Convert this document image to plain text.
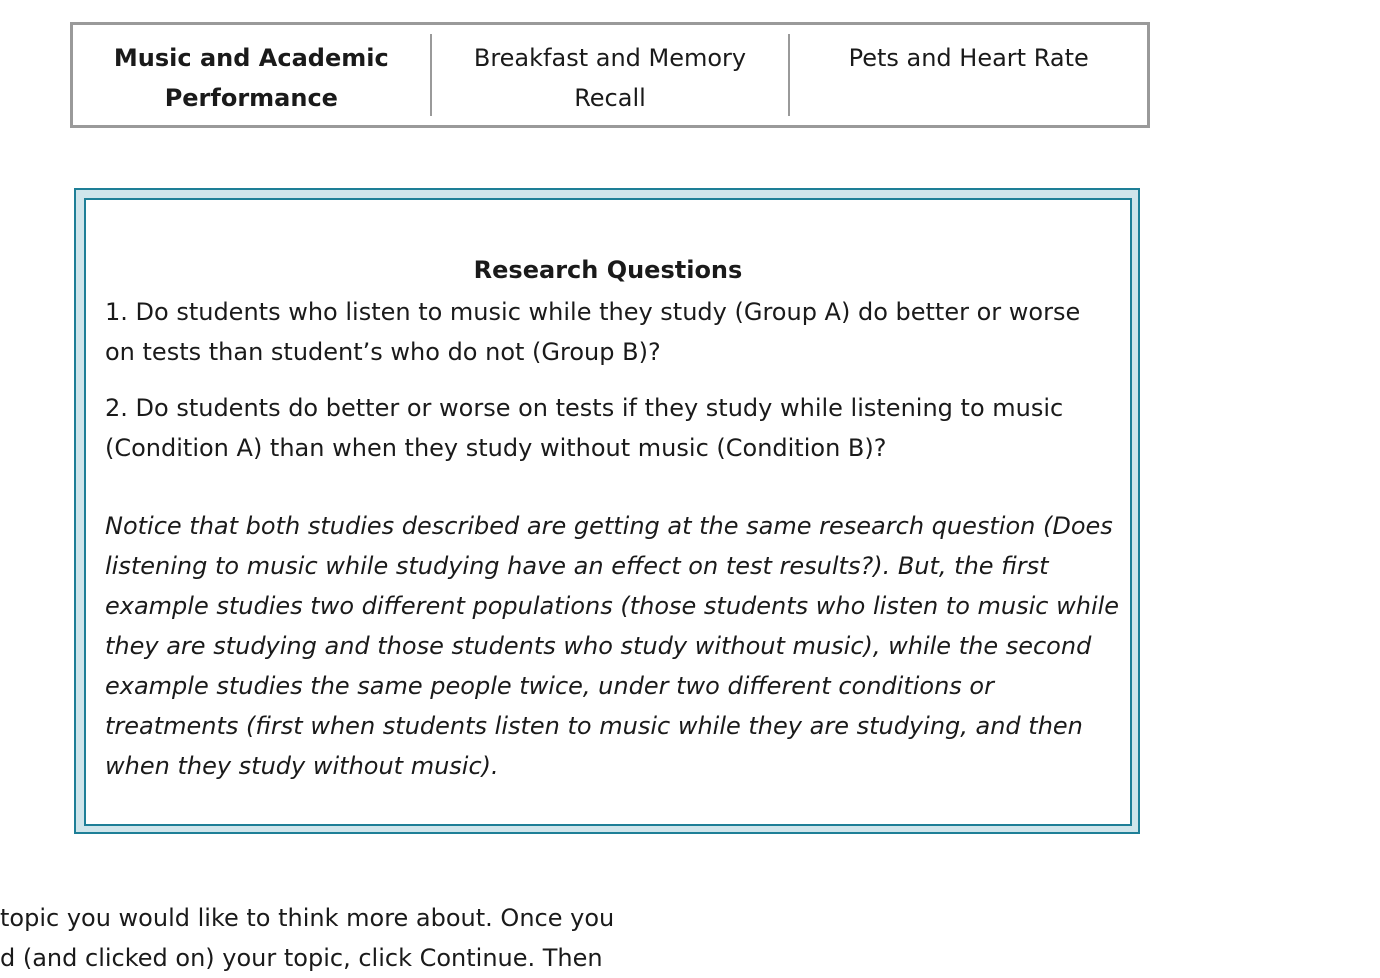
Music and Academic Performance
Breakfast and Memory Recall
Pets and Heart Rate
Research Questions
1. Do students who listen to music while they study (Group A) do better or worse on tests than student’s who do not (Group B)?
2. Do students do better or worse on tests if they study while listening to music (Condition A) than when they study without music (Condition B)?
Notice that both studies described are getting at the same research question (Does listening to music while studying have an effect on test results?). But, the first example studies two different populations (those students who listen to music while they are studying and those students who study without music), while the second example studies the same people twice, under two different conditions or treatments (first when students listen to music while they are studying, and then when they study without music).
topic you would like to think more about. Once you
d (and clicked on) your topic, click Continue. Then
